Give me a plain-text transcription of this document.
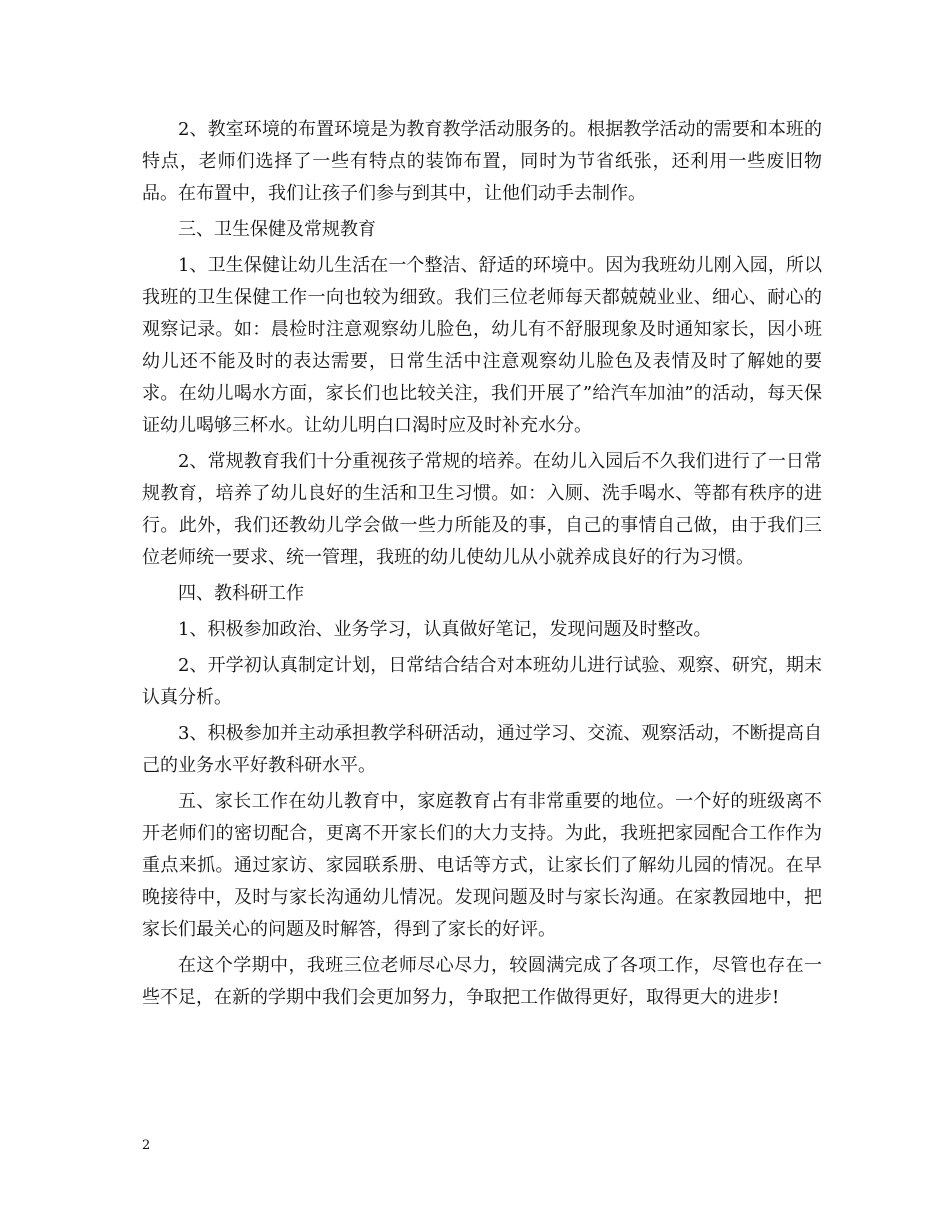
2、教室环境的布置环境是为教育教学活动服务的。根据教学活动的需要和本班的特点，老师们选择了一些有特点的装饰布置，同时为节省纸张，还利用一些废旧物品。在布置中，我们让孩子们参与到其中，让他们动手去制作。

三、卫生保健及常规教育

1、卫生保健让幼儿生活在一个整洁、舒适的环境中。因为我班幼儿刚入园，所以我班的卫生保健工作一向也较为细致。我们三位老师每天都兢兢业业、细心、耐心的观察记录。如：晨检时注意观察幼儿脸色，幼儿有不舒服现象及时通知家长，因小班幼儿还不能及时的表达需要，日常生活中注意观察幼儿脸色及表情及时了解她的要求。在幼儿喝水方面，家长们也比较关注，我们开展了”给汽车加油”的活动，每天保证幼儿喝够三杯水。让幼儿明白口渴时应及时补充水分。

2、常规教育我们十分重视孩子常规的培养。在幼儿入园后不久我们进行了一日常规教育，培养了幼儿良好的生活和卫生习惯。如：入厕、洗手喝水、等都有秩序的进行。此外，我们还教幼儿学会做一些力所能及的事，自己的事情自己做，由于我们三位老师统一要求、统一管理，我班的幼儿使幼儿从小就养成良好的行为习惯。

四、教科研工作

1、积极参加政治、业务学习，认真做好笔记，发现问题及时整改。

2、开学初认真制定计划，日常结合结合对本班幼儿进行试验、观察、研究，期末认真分析。

3、积极参加并主动承担教学科研活动，通过学习、交流、观察活动，不断提高自己的业务水平好教科研水平。

五、家长工作在幼儿教育中，家庭教育占有非常重要的地位。一个好的班级离不开老师们的密切配合，更离不开家长们的大力支持。为此，我班把家园配合工作作为重点来抓。通过家访、家园联系册、电话等方式，让家长们了解幼儿园的情况。在早晚接待中，及时与家长沟通幼儿情况。发现问题及时与家长沟通。在家教园地中，把家长们最关心的问题及时解答，得到了家长的好评。

在这个学期中，我班三位老师尽心尽力，较圆满完成了各项工作，尽管也存在一些不足，在新的学期中我们会更加努力，争取把工作做得更好，取得更大的进步!

2
